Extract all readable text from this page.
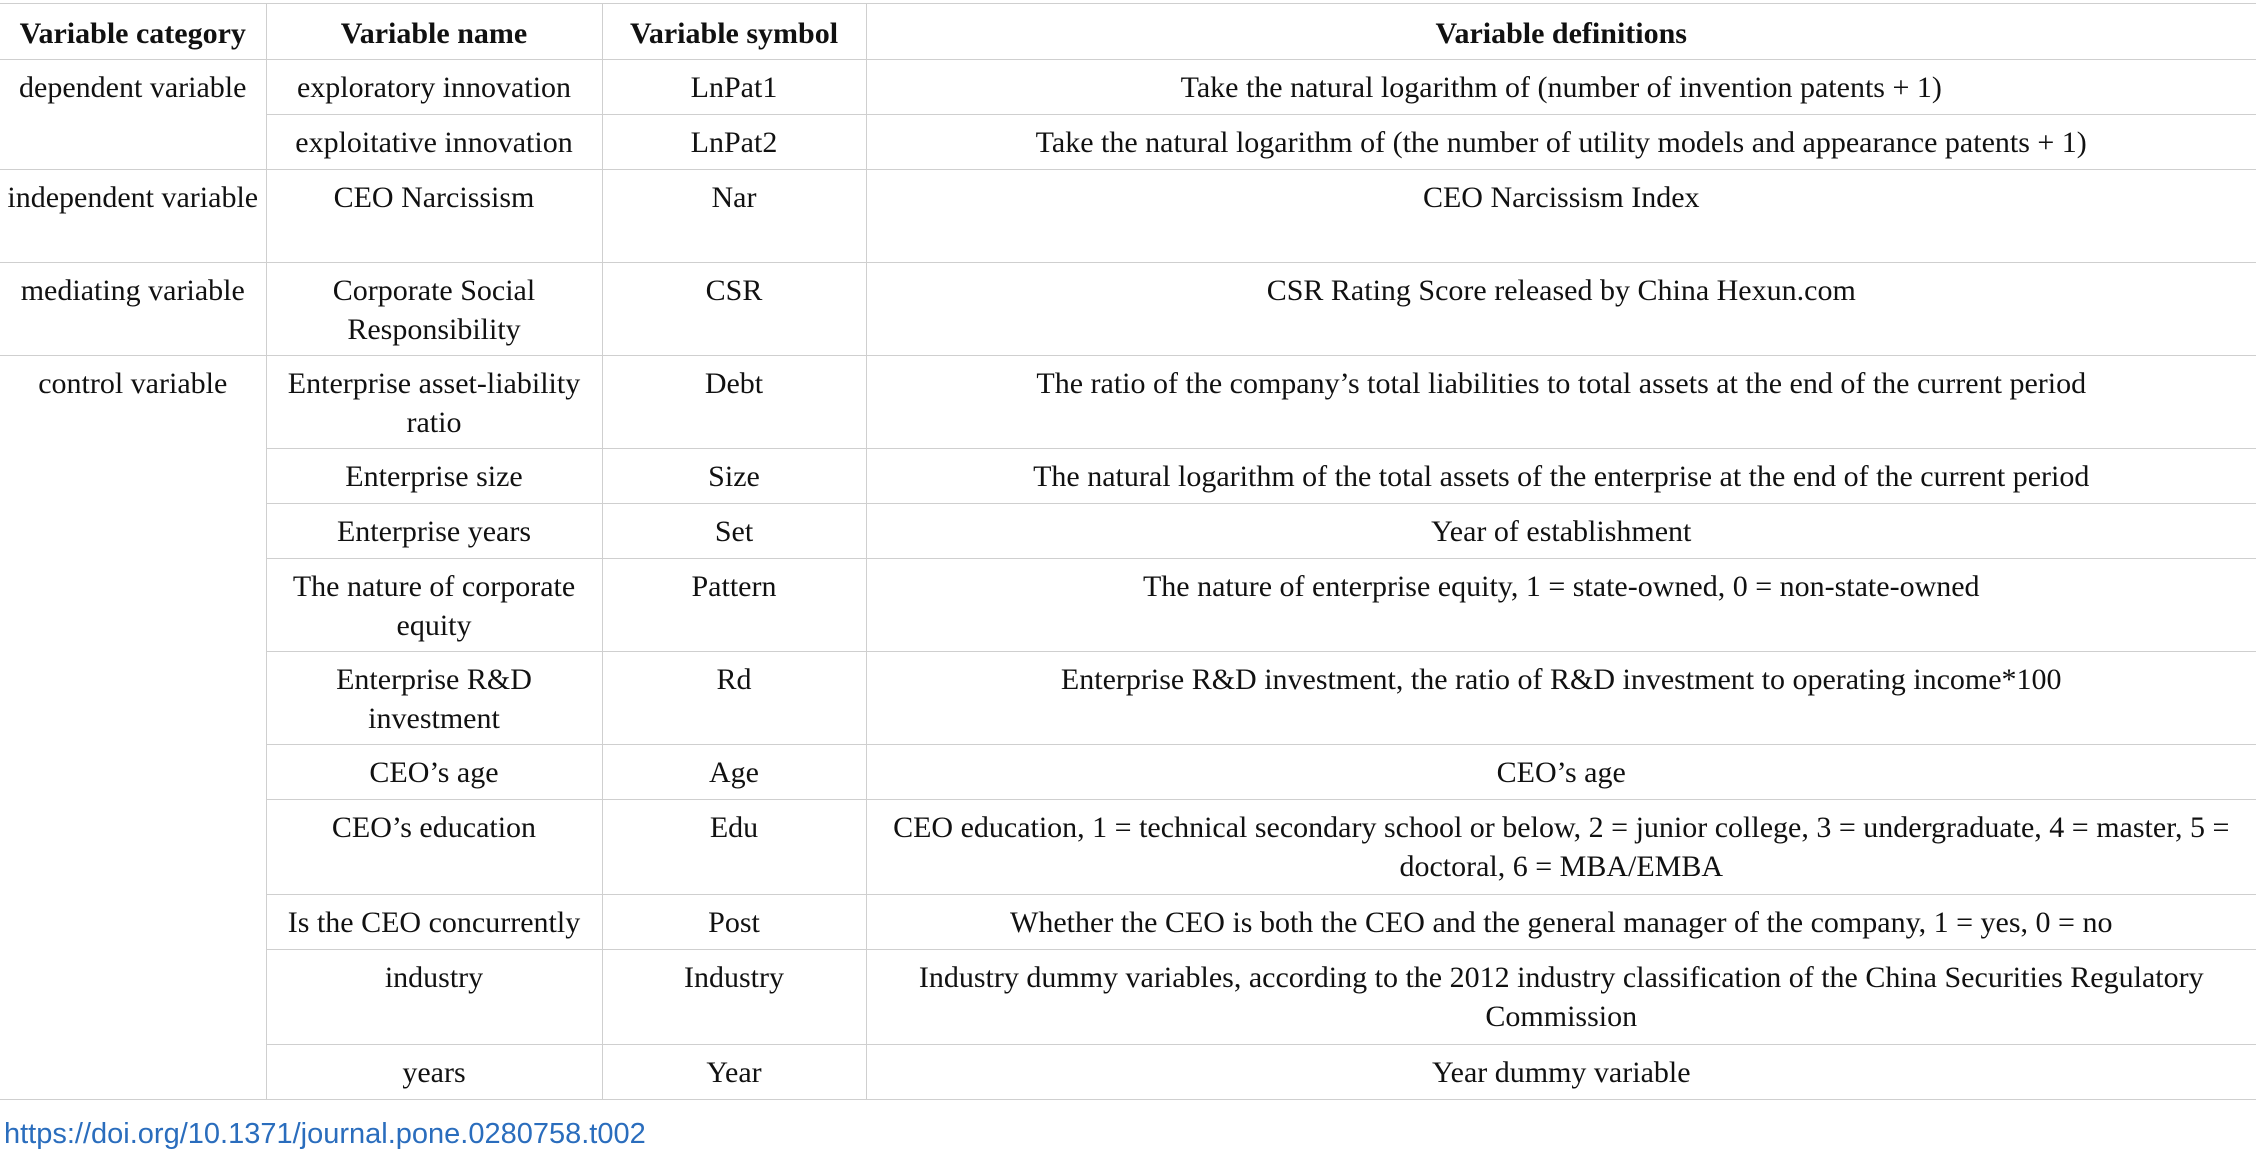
Variable category	Variable name	Variable symbol	Variable definitions
dependent variable	exploratory innovation	LnPat1	Take the natural logarithm of (number of invention patents + 1)
	exploitative innovation	LnPat2	Take the natural logarithm of (the number of utility models and appearance patents + 1)
independent variable	CEO Narcissism	Nar	CEO Narcissism Index
mediating variable	Corporate Social Responsibility	CSR	CSR Rating Score released by China Hexun.com
control variable	Enterprise asset-liability ratio	Debt	The ratio of the company’s total liabilities to total assets at the end of the current period
	Enterprise size	Size	The natural logarithm of the total assets of the enterprise at the end of the current period
	Enterprise years	Set	Year of establishment
	The nature of corporate equity	Pattern	The nature of enterprise equity, 1 = state-owned, 0 = non-state-owned
	Enterprise R&D investment	Rd	Enterprise R&D investment, the ratio of R&D investment to operating income*100
	CEO’s age	Age	CEO’s age
	CEO’s education	Edu	CEO education, 1 = technical secondary school or below, 2 = junior college, 3 = undergraduate, 4 = master, 5 = doctoral, 6 = MBA/EMBA
	Is the CEO concurrently	Post	Whether the CEO is both the CEO and the general manager of the company, 1 = yes, 0 = no
	industry	Industry	Industry dummy variables, according to the 2012 industry classification of the China Securities Regulatory Commission
	years	Year	Year dummy variable
https://doi.org/10.1371/journal.pone.0280758.t002
